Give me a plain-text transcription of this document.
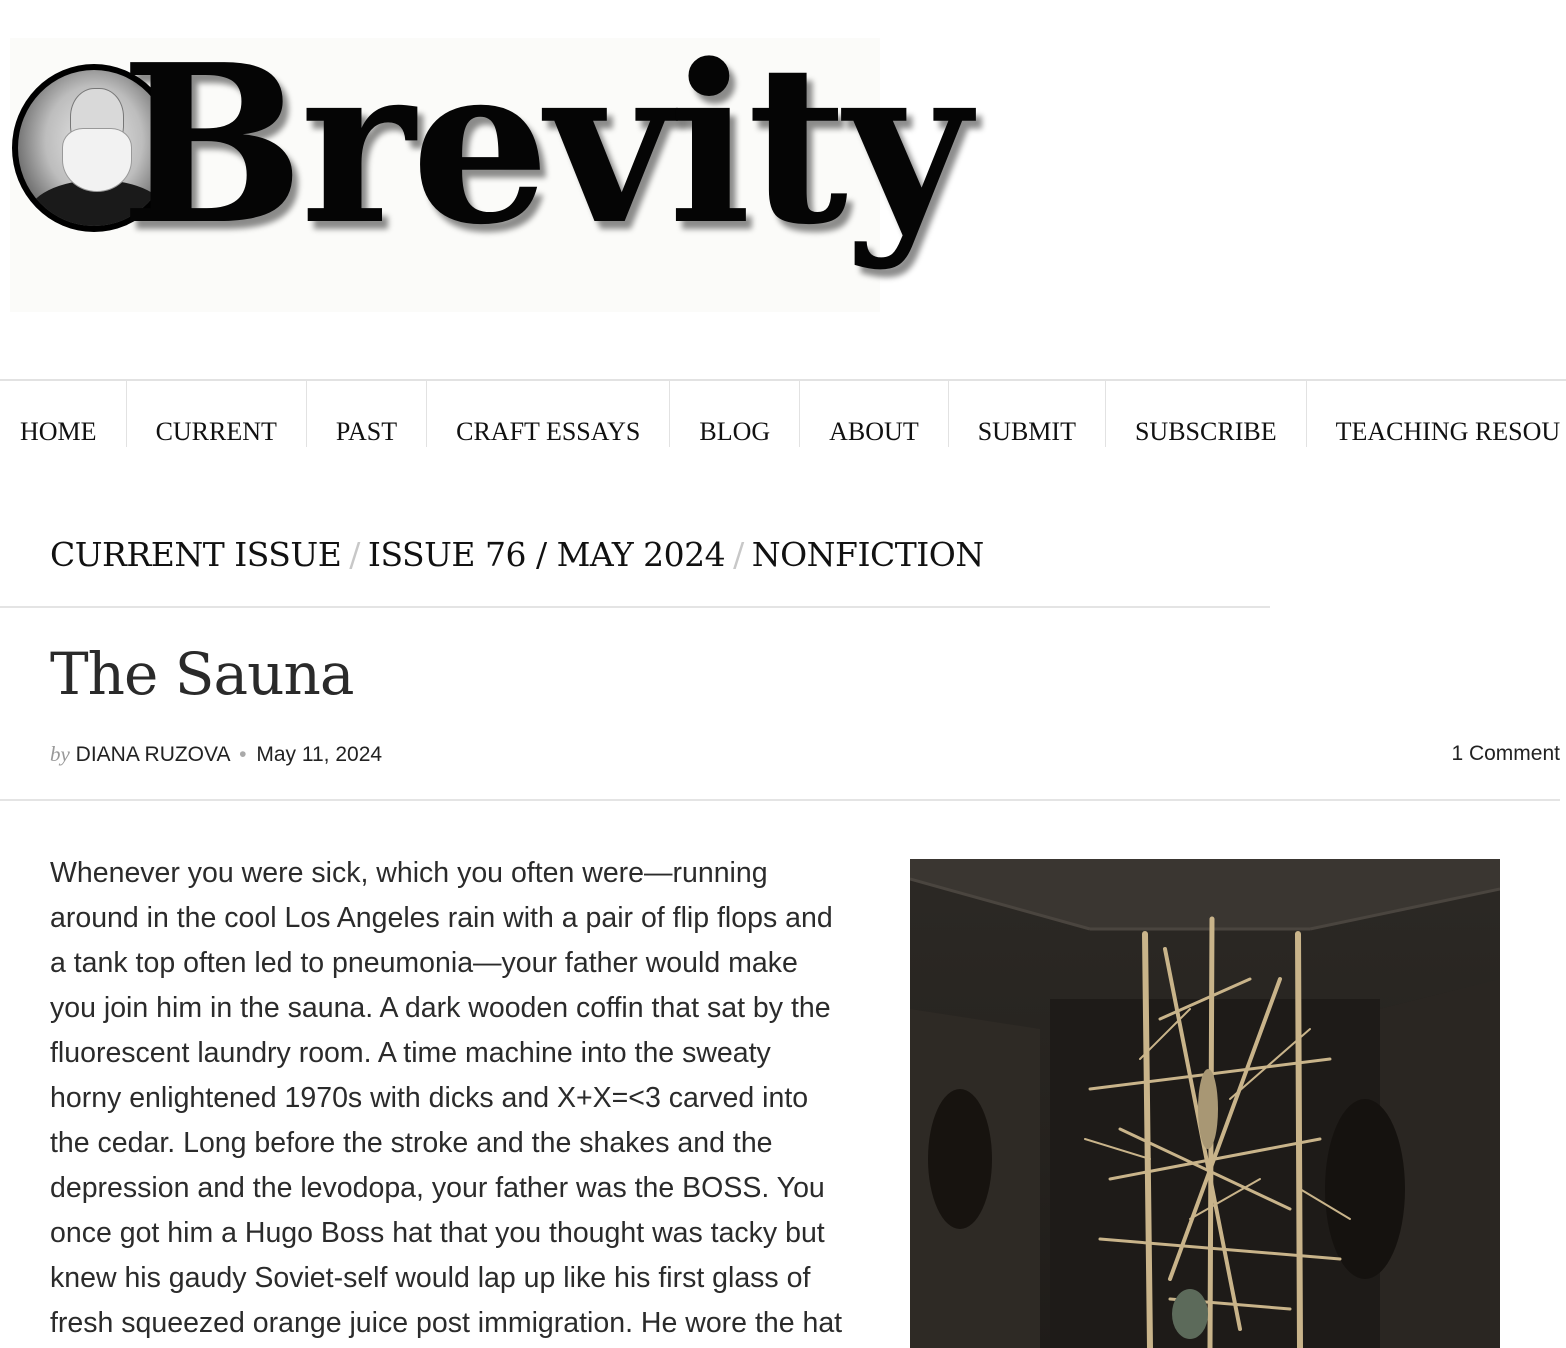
Brevity
HOME	CURRENT	PAST	CRAFT ESSAYS	BLOG	ABOUT	SUBMIT	SUBSCRIBE	TEACHING RESOU
CURRENT ISSUE / ISSUE 76 / MAY 2024 / NONFICTION
The Sauna
by DIANA RUZOVA • May 11, 2024	1 Comment
Whenever you were sick, which you often were—running
around in the cool Los Angeles rain with a pair of flip flops and
a tank top often led to pneumonia—your father would make
you join him in the sauna. A dark wooden coffin that sat by the
fluorescent laundry room. A time machine into the sweaty
horny enlightened 1970s with dicks and X+X=<3 carved into
the cedar. Long before the stroke and the shakes and the
depression and the levodopa, your father was the BOSS. You
once got him a Hugo Boss hat that you thought was tacky but
knew his gaudy Soviet-self would lap up like his first glass of
fresh squeezed orange juice post immigration. He wore the hat
